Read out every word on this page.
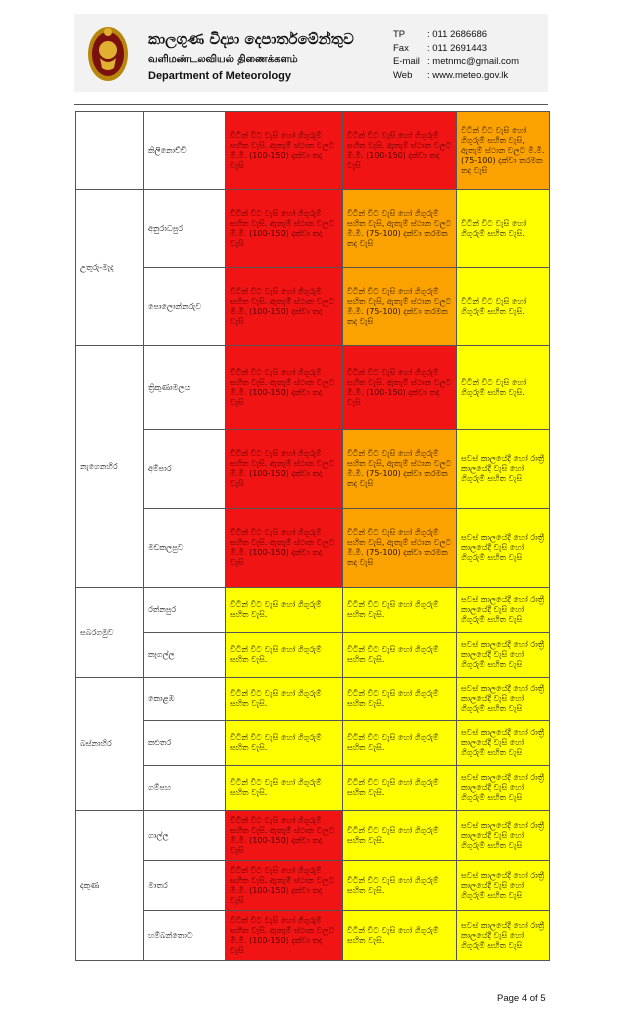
කාලගුණ විද්‍යා දෙපාර්තමේන්තුව
வளிமண்டலவியல் திணைக்களம்
Department of Meteorology
TP	: 011 2686686
Fax	: 011 2691443
E-mail : metnmc@gmail.com
Web	: www.meteo.gov.lk
	කිලිනොච්චි	විටින් විට වැසි හෝ ගිගුරුම් සහිත වැසි. ඇතැම් ස්ථාන වලට මි.මී. (100-150) දක්වා තද වැසි	විටින් විට වැසි හෝ ගිගුරුම් සහිත වැසි. ඇතැම් ස්ථාන වලට මි.මී. (100-150) දක්වා තද වැසි	විටින් විට වැසි හෝ ගිගුරුම් සහිත වැසි, ඇතැම් ස්ථාන වලට මි.මී. (75-100) දක්වා තරමක තද වැසි
උතුරු-මැද	අනුරාධපුර	විටින් විට වැසි හෝ ගිගුරුම් සහිත වැසි. ඇතැම් ස්ථාන වලට මි.මී. (100-150) දක්වා තද වැසි	විටින් විට වැසි හෝ ගිගුරුම් සහිත වැසි, ඇතැම් ස්ථාන වලට මි.මී. (75-100) දක්වා තරමක තද වැසි	විටින් විට වැසි හෝ ගිගුරුම් සහිත වැසි.
	පොලොන්නරුව	විටින් විට වැසි හෝ ගිගුරුම් සහිත වැසි. ඇතැම් ස්ථාන වලට මි.මී. (100-150) දක්වා තද වැසි	විටින් විට වැසි හෝ ගිගුරුම් සහිත වැසි, ඇතැම් ස්ථාන වලට මි.මී. (75-100) දක්වා තරමක තද වැසි	විටින් විට වැසි හෝ ගිගුරුම් සහිත වැසි.
නැගෙනහිර	ත්‍රිකුණාමලය	විටින් විට වැසි හෝ ගිගුරුම් සහිත වැසි. ඇතැම් ස්ථාන වලට මි.මී. (100-150) දක්වා තද වැසි	විටින් විට වැසි හෝ ගිගුරුම් සහිත වැසි. ඇතැම් ස්ථාන වලට මි.මී. (100-150) දක්වා තද වැසි	විටින් විට වැසි හෝ ගිගුරුම් සහිත වැසි.
	අම්පාර	විටින් විට වැසි හෝ ගිගුරුම් සහිත වැසි. ඇතැම් ස්ථාන වලට මි.මී. (100-150) දක්වා තද වැසි	විටින් විට වැසි හෝ ගිගුරුම් සහිත වැසි, ඇතැම් ස්ථාන වලට මි.මී. (75-100) දක්වා තරමක තද වැසි	සවස් කාලයේදී හෝ රාත්‍රී කාලයේදී වැසි හෝ ගිගුරුම් සහිත වැසි
	මඩකලපුව	විටින් විට වැසි හෝ ගිගුරුම් සහිත වැසි. ඇතැම් ස්ථාන වලට මි.මී. (100-150) දක්වා තද වැසි	විටින් විට වැසි හෝ ගිගුරුම් සහිත වැසි, ඇතැම් ස්ථාන වලට මි.මී. (75-100) දක්වා තරමක තද වැසි	සවස් කාලයේදී හෝ රාත්‍රී කාලයේදී වැසි හෝ ගිගුරුම් සහිත වැසි
සබරගමුව	රත්නපුර	විටින් විට වැසි හෝ ගිගුරුම් සහිත වැසි.	විටින් විට වැසි හෝ ගිගුරුම් සහිත වැසි.	සවස් කාලයේදී හෝ රාත්‍රී කාලයේදී වැසි හෝ ගිගුරුම් සහිත වැසි
	කෑගල්ල	විටින් විට වැසි හෝ ගිගුරුම් සහිත වැසි.	විටින් විට වැසි හෝ ගිගුරුම් සහිත වැසි.	සවස් කාලයේදී හෝ රාත්‍රී කාලයේදී වැසි හෝ ගිගුරුම් සහිත වැසි
බස්නාහිර	කොළඹ	විටින් විට වැසි හෝ ගිගුරුම් සහිත වැසි.	විටින් විට වැසි හෝ ගිගුරුම් සහිත වැසි.	සවස් කාලයේදී හෝ රාත්‍රී කාලයේදී වැසි හෝ ගිගුරුම් සහිත වැසි
	කළුතර	විටින් විට වැසි හෝ ගිගුරුම් සහිත වැසි.	විටින් විට වැසි හෝ ගිගුරුම් සහිත වැසි.	සවස් කාලයේදී හෝ රාත්‍රී කාලයේදී වැසි හෝ ගිගුරුම් සහිත වැසි
	ගම්පහ	විටින් විට වැසි හෝ ගිගුරුම් සහිත වැසි.	විටින් විට වැසි හෝ ගිගුරුම් සහිත වැසි.	සවස් කාලයේදී හෝ රාත්‍රී කාලයේදී වැසි හෝ ගිගුරුම් සහිත වැසි
දකුණ	ගාල්ල	විටින් විට වැසි හෝ ගිගුරුම් සහිත වැසි. ඇතැම් ස්ථාන වලට මි.මී. (100-150) දක්වා තද වැසි	විටින් විට වැසි හෝ ගිගුරුම් සහිත වැසි.	සවස් කාලයේදී හෝ රාත්‍රී කාලයේදී වැසි හෝ ගිගුරුම් සහිත වැසි
	මාතර	විටින් විට වැසි හෝ ගිගුරුම් සහිත වැසි. ඇතැම් ස්ථාන වලට මි.මී. (100-150) දක්වා තද වැසි	විටින් විට වැසි හෝ ගිගුරුම් සහිත වැසි.	සවස් කාලයේදී හෝ රාත්‍රී කාලයේදී වැසි හෝ ගිගුරුම් සහිත වැසි
	හම්බන්තොට	විටින් විට වැසි හෝ ගිගුරුම් සහිත වැසි. ඇතැම් ස්ථාන වලට මි.මී. (100-150) දක්වා තද වැසි	විටින් විට වැසි හෝ ගිගුරුම් සහිත වැසි.	සවස් කාලයේදී හෝ රාත්‍රී කාලයේදී වැසි හෝ ගිගුරුම් සහිත වැසි
Page 4 of 5
